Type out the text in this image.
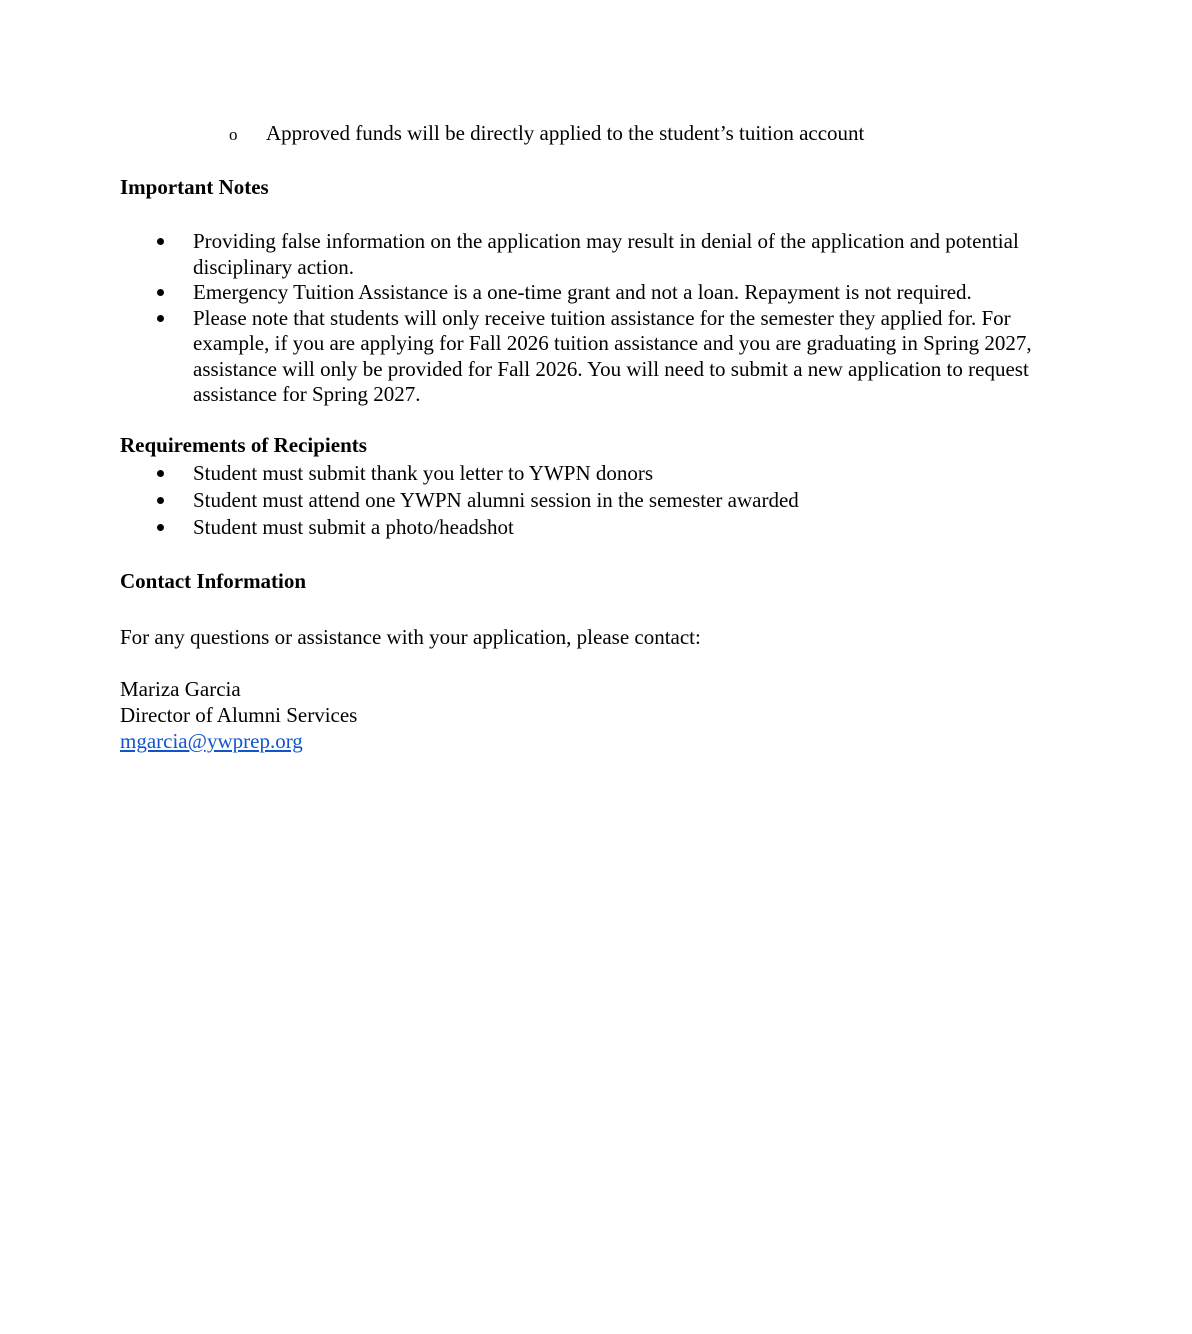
o Approved funds will be directly applied to the student’s tuition account
Important Notes
Providing false information on the application may result in denial of the application and potential disciplinary action.
Emergency Tuition Assistance is a one-time grant and not a loan. Repayment is not required.
Please note that students will only receive tuition assistance for the semester they applied for. For example, if you are applying for Fall 2026 tuition assistance and you are graduating in Spring 2027, assistance will only be provided for Fall 2026. You will need to submit a new application to request assistance for Spring 2027.
Requirements of Recipients
Student must submit thank you letter to YWPN donors
Student must attend one YWPN alumni session in the semester awarded
Student must submit a photo/headshot
Contact Information
For any questions or assistance with your application, please contact:
Mariza Garcia
Director of Alumni Services
mgarcia@ywprep.org
